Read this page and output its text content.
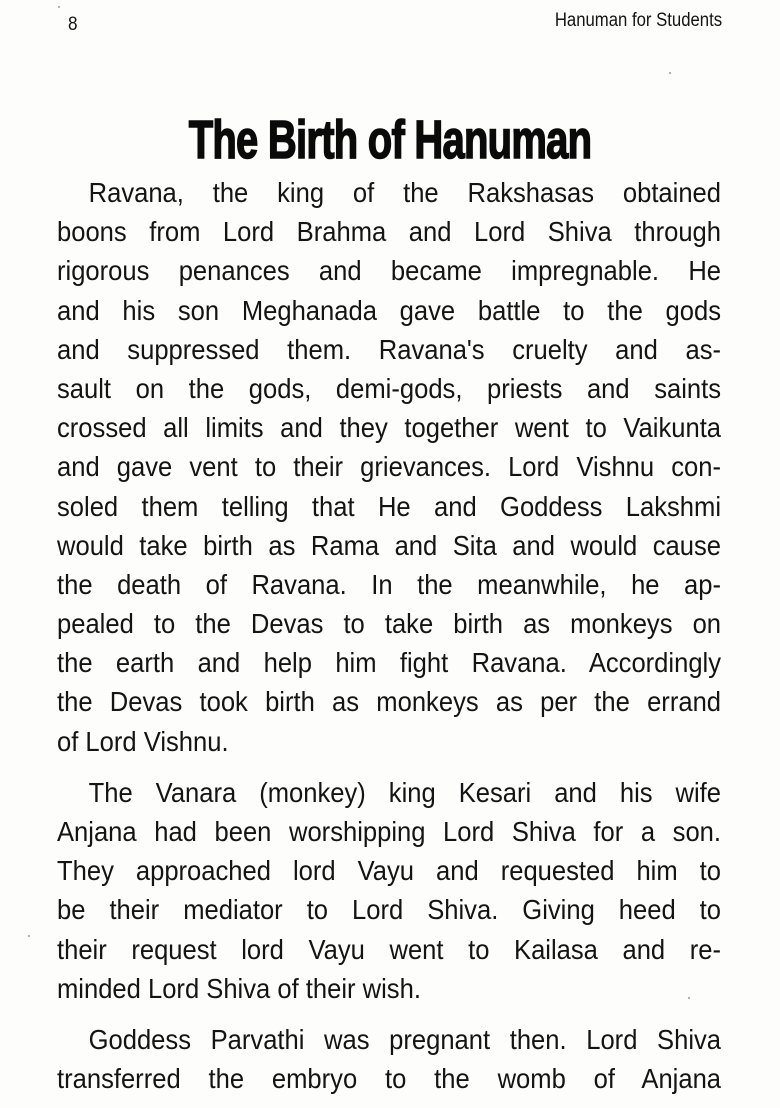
8	Hanuman for Students
The Birth of Hanuman
Ravana, the king of the Rakshasas obtained
boons from Lord Brahma and Lord Shiva through
rigorous penances and became impregnable. He
and his son Meghanada gave battle to the gods
and suppressed them. Ravana's cruelty and as-
sault on the gods, demi-gods, priests and saints
crossed all limits and they together went to Vaikunta
and gave vent to their grievances. Lord Vishnu con-
soled them telling that He and Goddess Lakshmi
would take birth as Rama and Sita and would cause
the death of Ravana. In the meanwhile, he ap-
pealed to the Devas to take birth as monkeys on
the earth and help him fight Ravana. Accordingly
the Devas took birth as monkeys as per the errand
of Lord Vishnu.
The Vanara (monkey) king Kesari and his wife
Anjana had been worshipping Lord Shiva for a son.
They approached lord Vayu and requested him to
be their mediator to Lord Shiva. Giving heed to
their request lord Vayu went to Kailasa and re-
minded Lord Shiva of their wish.
Goddess Parvathi was pregnant then. Lord Shiva
transferred the embryo to the womb of Anjana
